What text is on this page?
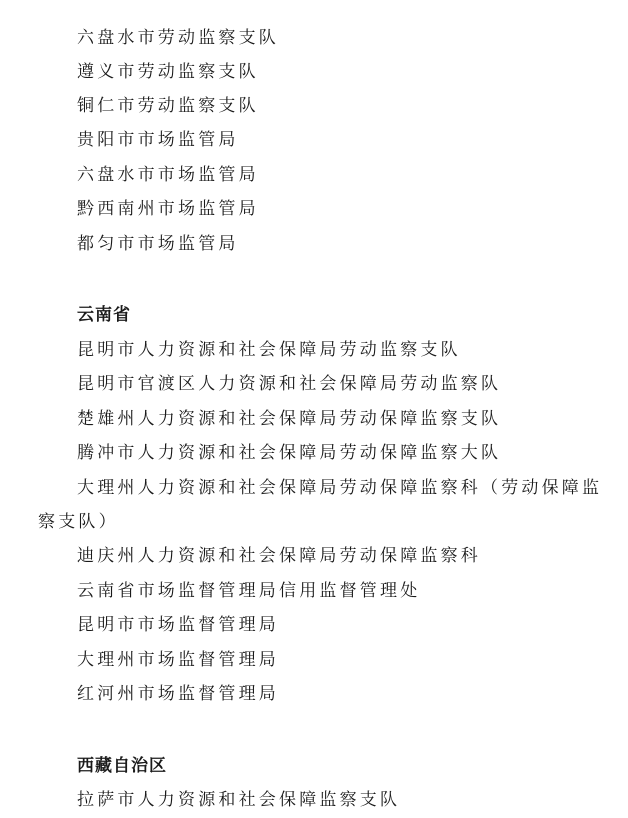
六盘水市劳动监察支队
遵义市劳动监察支队
铜仁市劳动监察支队
贵阳市市场监管局
六盘水市市场监管局
黔西南州市场监管局
都匀市市场监管局
云南省
昆明市人力资源和社会保障局劳动监察支队
昆明市官渡区人力资源和社会保障局劳动监察队
楚雄州人力资源和社会保障局劳动保障监察支队
腾冲市人力资源和社会保障局劳动保障监察大队
大理州人力资源和社会保障局劳动保障监察科（劳动保障监
察支队）
迪庆州人力资源和社会保障局劳动保障监察科
云南省市场监督管理局信用监督管理处
昆明市市场监督管理局
大理州市场监督管理局
红河州市场监督管理局
西藏自治区
拉萨市人力资源和社会保障监察支队
